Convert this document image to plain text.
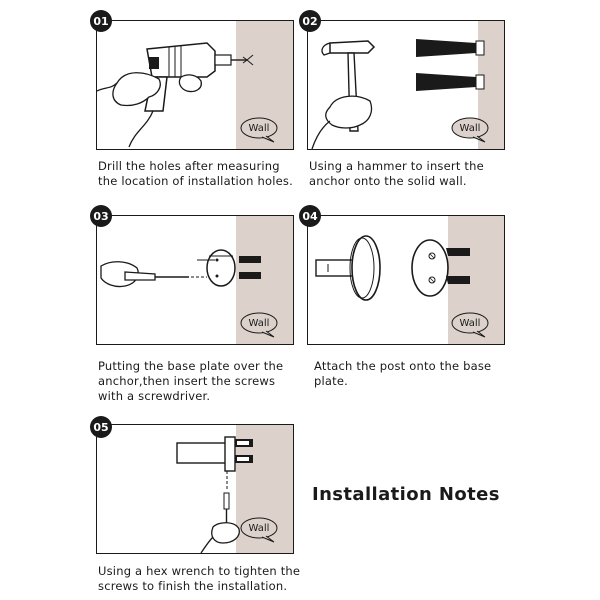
01
Wall
Drill the holes after measuring
the location of installation holes.
02
Wall
Using a hammer to insert the
anchor onto the solid wall.
03
Wall
Putting the base plate over the
anchor,then insert the screws
with a screwdriver.
04
Wall
Attach the post onto the base
plate.
05
Wall
Using a hex wrench to tighten the
screws to finish the installation.
Installation Notes
